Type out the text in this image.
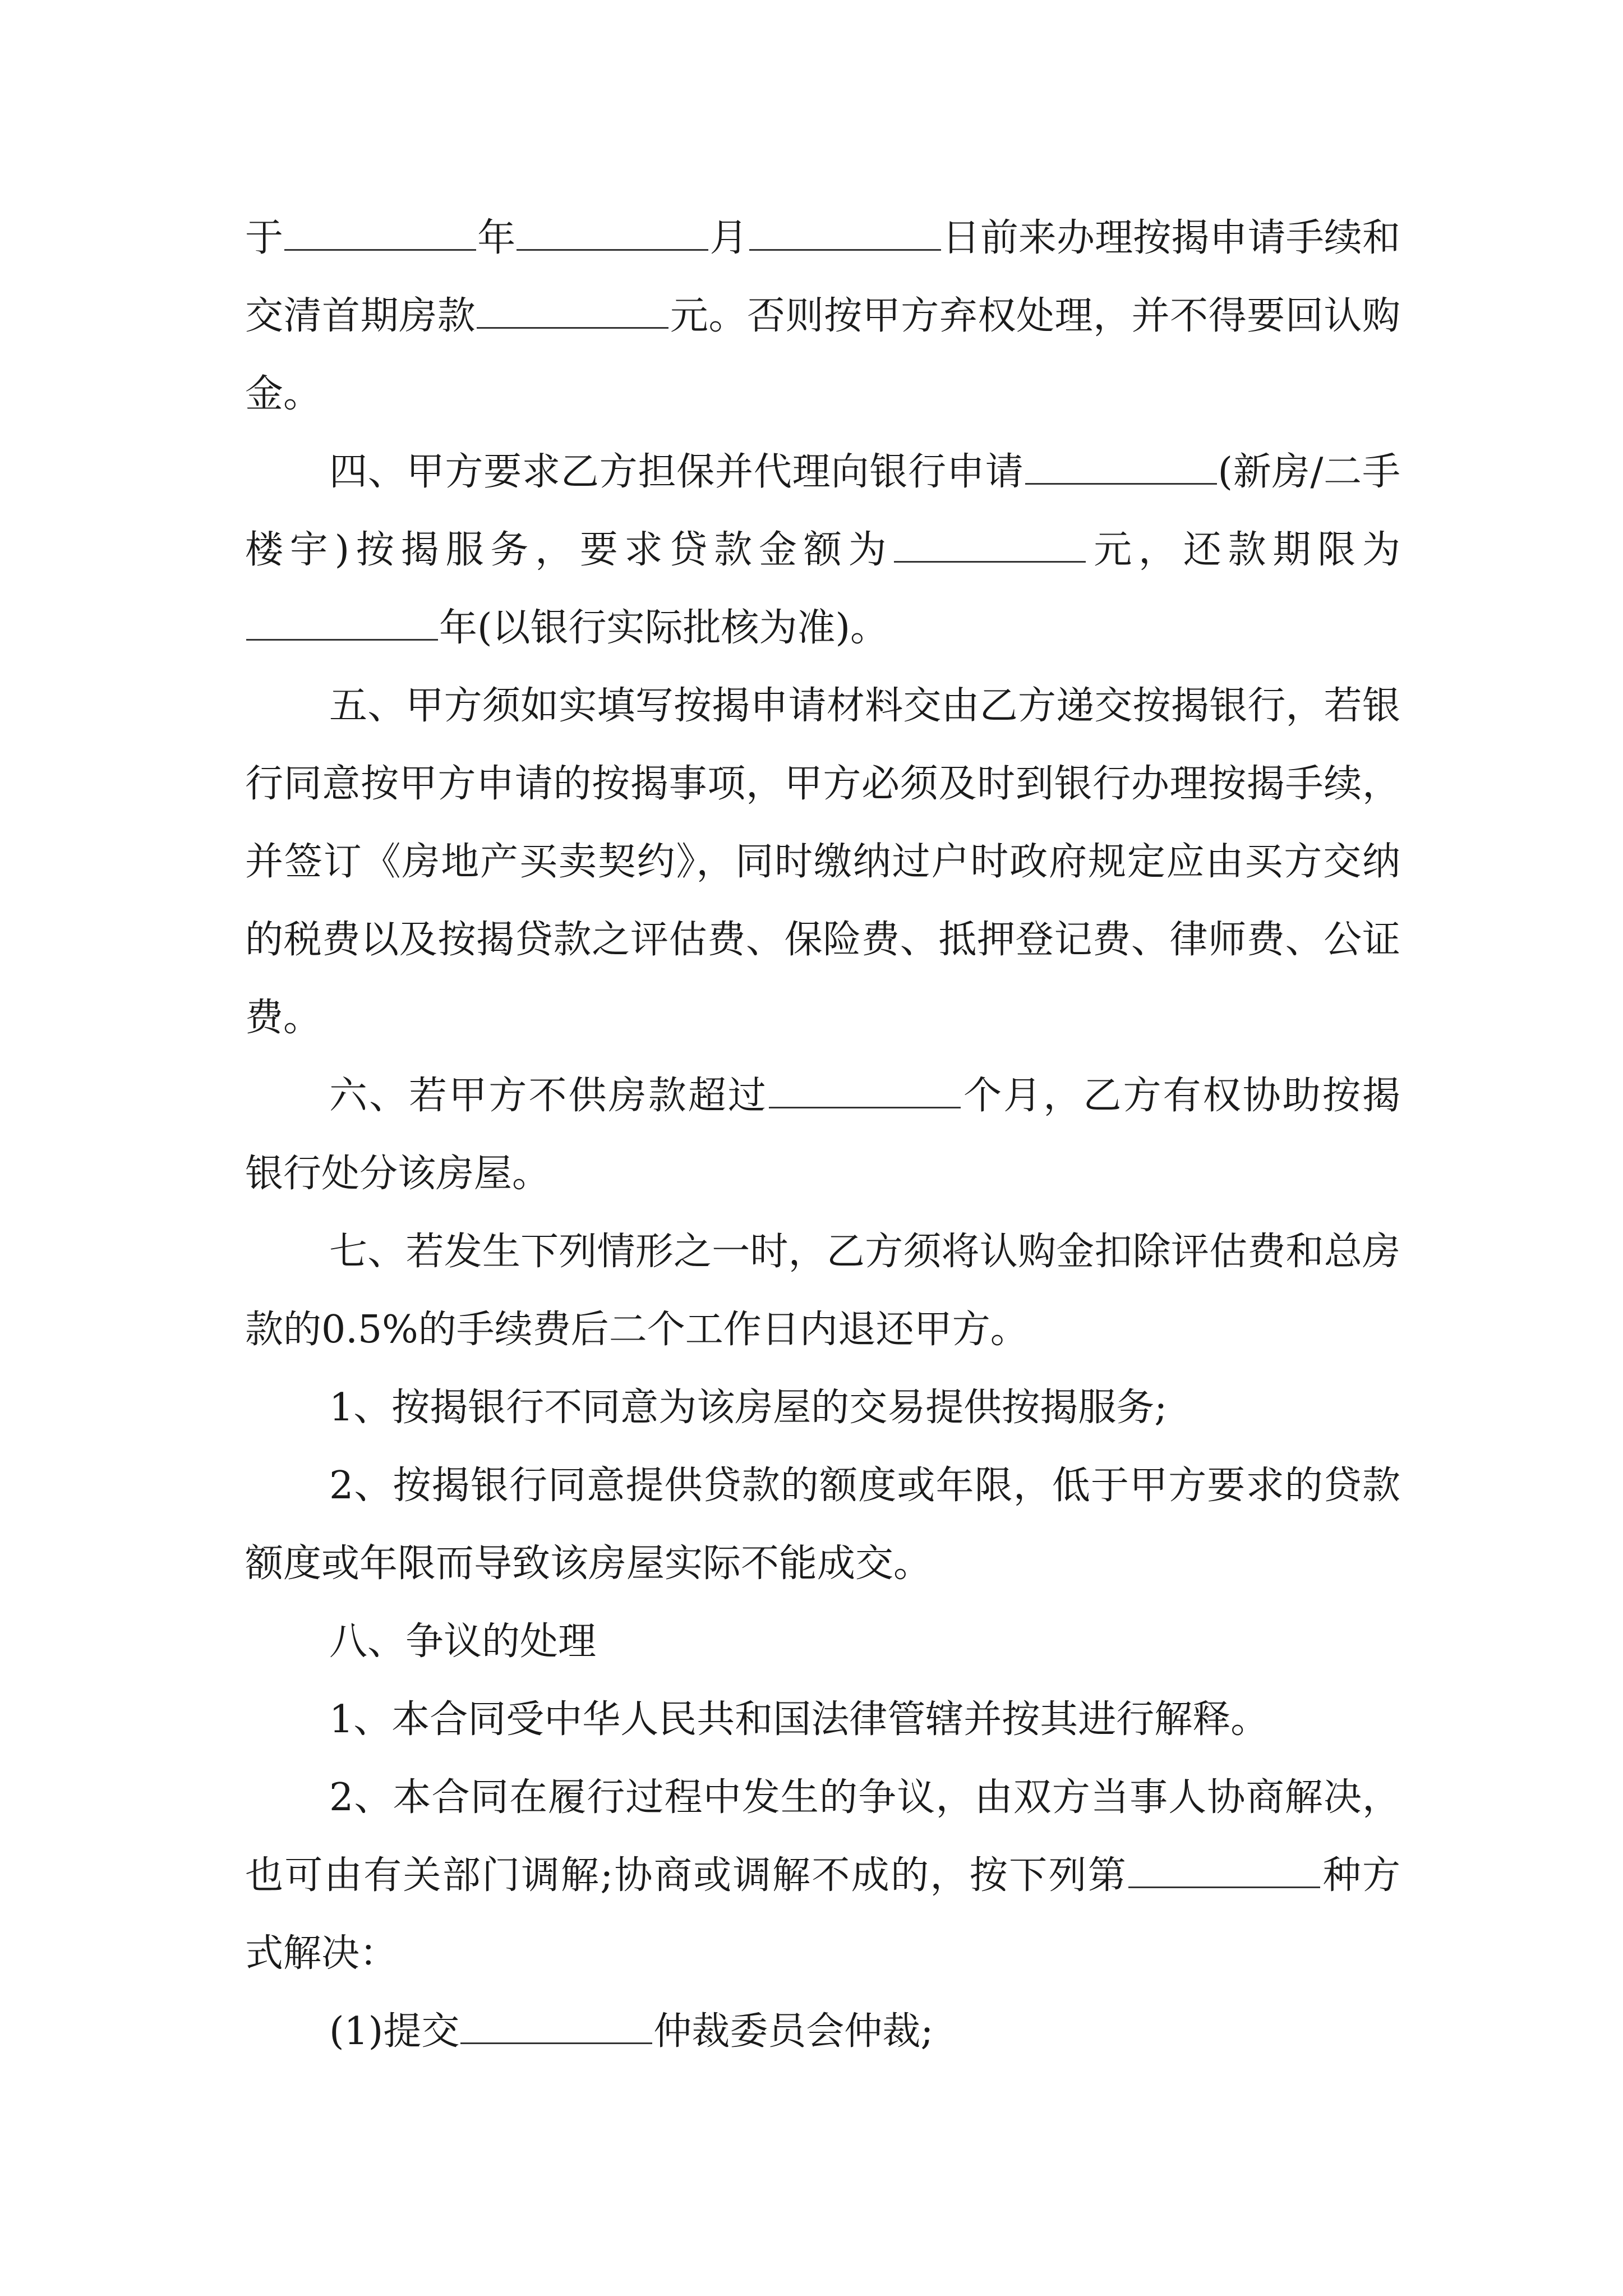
于	年	月	日前来办理按揭申请手续和交清首期房款	元。否则按甲方弃权处理，并不得要回认购金。

四、甲方要求乙方担保并代理向银行申请	(新房/二手楼宇)按揭服务，要求贷款金额为	元，还款期限为年(以银行实际批核为准)。

五、甲方须如实填写按揭申请材料交由乙方递交按揭银行，若银行同意按甲方申请的按揭事项，甲方必须及时到银行办理按揭手续，并签订《房地产买卖契约》，同时缴纳过户时政府规定应由买方交纳的税费以及按揭贷款之评估费、保险费、抵押登记费、律师费、公证费。

六、若甲方不供房款超过	个月，乙方有权协助按揭银行处分该房屋。

七、若发生下列情形之一时，乙方须将认购金扣除评估费和总房款的0.5%的手续费后二个工作日内退还甲方。

1、按揭银行不同意为该房屋的交易提供按揭服务;

2、按揭银行同意提供贷款的额度或年限，低于甲方要求的贷款额度或年限而导致该房屋实际不能成交。

八、争议的处理

1、本合同受中华人民共和国法律管辖并按其进行解释。

2、本合同在履行过程中发生的争议，由双方当事人协商解决，也可由有关部门调解;协商或调解不成的，按下列第	种方式解决：

(1)提交	仲裁委员会仲裁;
